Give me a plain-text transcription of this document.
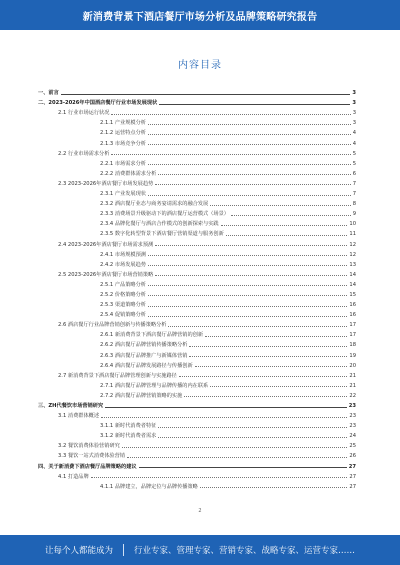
新消费背景下酒店餐厅市场分析及品牌策略研究报告
内容目录
一、前言	3
二、2023-2026年中国酒店餐厅行业市场发展现状	3
2.1 行业市场运行状况	3
2.1.1 产业规模分析	3
2.1.2 运营特点分析	4
2.1.3 市场竞争分析	4
2.2 行业市场需求分析	5
2.2.1 市场需求分析	5
2.2.2 消费群体需求分析	6
2.3 2023-2026年酒店餐厅市场发展趋势	7
2.3.1 产业发展现状	7
2.3.2 酒店餐厅业态与商务宴请需求的融合发展	8
2.3.3 消费场景升级驱动下的酒店餐厅运营模式（场景）	9
2.3.4 品牌化餐厅与酒店合作模式的创新探索与实践	10
2.3.5 数字化转型背景下酒店餐厅营销渠道与服务创新	11
2.4 2023-2026年酒店餐厅市场需求预测	12
2.4.1 市场规模预测	12
2.4.2 市场发展趋势	13
2.5 2023-2026年酒店餐厅市场营销策略	14
2.5.1 产品策略分析	14
2.5.2 价格策略分析	15
2.5.3 渠道策略分析	16
2.5.4 促销策略分析	16
2.6 酒店餐厅行业品牌营销创新与传播策略分析	17
2.6.1 新消费背景下酒店餐厅品牌营销的创新	17
2.6.2 酒店餐厅品牌营销传播策略分析	18
2.6.3 酒店餐厅品牌推广与新媒体营销	19
2.6.4 酒店餐厅品牌发展路径与传播创新	20
2.7 新消费背景下酒店餐厅品牌管理创新与实施路径	21
2.7.1 酒店餐厅品牌管理与品牌传播的内在联系	21
2.7.2 酒店餐厅品牌营销策略的实施	22
三、ZH代餐饮市场营销研究	23
3.1 消费群体概述	23
3.1.1 新时代消费者特征	23
3.1.2 新时代消费者需求	24
3.2 餐饮消费体验营销研究	25
3.3 餐饮一站式消费体验营销	26
四、关于新消费下酒店餐厅品牌策略的建议	27
4.1 打造品牌	27
4.1.1 品牌建立，品牌定位与品牌传播策略	27
2
让每个人都能成为 行业专家、管理专家、营销专家、战略专家、运营专家……
